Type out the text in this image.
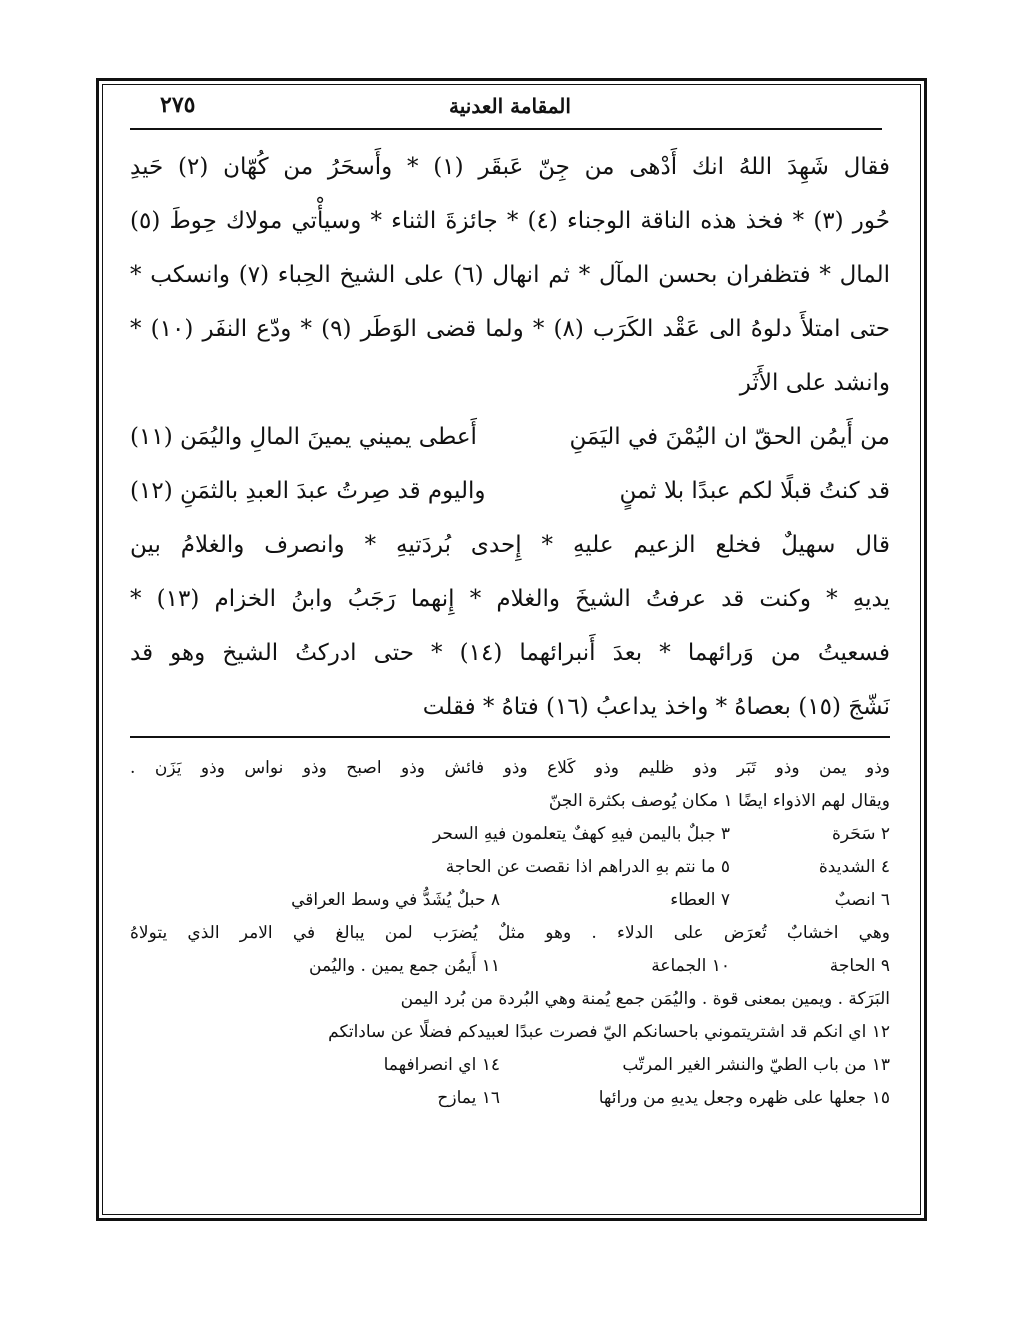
المقامة العدنية
٢٧٥
فقال شَهِدَ اللهُ انك أَدْهى من جِنّ عَبقَر (١) * وأَسحَرُ من كُهّان (٢) حَيدِ
حُور (٣) * فخذ هذه الناقة الوجناء (٤) * جائزةَ الثناء * وسيأْتي مولاك حِوطَ (٥)
المال * فتظفران بحسن المآل * ثم انهال (٦) على الشيخ الحِباء (٧) وانسكب *
حتى امتلأَ دلوهُ الى عَقْد الكَرَب (٨) * ولما قضى الوَطَر (٩) * ودّع النفَر (١٠) *
وانشد على الأَثَر
من أَيمُن الحقّ ان اليُمْنَ في اليَمَنِ
أَعطى يميني يمينَ المالِ واليُمَن (١١)
قد كنتُ قبلًا لكم عبدًا بلا ثمنٍ
واليوم قد صِرتُ عبدَ العبدِ بالثمَنِ (١٢)
قال سهيلٌ فخلع الزعيم عليهِ * إِحدى بُردَتيهِ * وانصرف والغلامُ بين
يديهِ * وكنت قد عرفتُ الشيخَ والغلام * إِنهما رَجَبُ وابنُ الخزام (١٣) *
فسعيتُ من وَرائهما * بعدَ أَنبرائهما (١٤) * حتى ادركتُ الشيخ وهو قد
نَشّجَ (١٥) بعصاهُ * واخذ يداعبُ (١٦) فتاهُ * فقلت
وذو يمن وذو تَبَر وذو ظليم وذو كَلاع وذو فائش وذو اصبح وذو نواس وذو يَزَن .
ويقال لهم الاذواء ايضًا ١ مكان يُوصف بكثرة الجنّ
٢ سَحَرة
٣ جبلٌ باليمن فيهِ كهفٌ يتعلمون فيهِ السحر
٤ الشديدة
٥ ما نتم بهِ الدراهم اذا نقصت عن الحاجة
٦ انصبٌ
٧ العطاء
٨ حبلٌ يُشَدُّ في وسط العراقي
وهي اخشابٌ تُعرَض على الدلاء . وهو مثلٌ يُضرَب لمن يبالغ في الامر الذي يتولاهُ
٩ الحاجة
١٠ الجماعة
١١ أَيمُن جمع يمين . واليُمن
البَرَكة . ويمين بمعنى قوة . واليُمَن جمع يُمنة وهي البُردة من بُرد اليمن
١٢ اي انكم قد اشتريتموني باحسانكم اليّ فصرت عبدًا لعبيدكم فضلًا عن ساداتكم
١٣ من باب الطيّ والنشر الغير المرتّب
١٤ اي انصرافهما
١٥ جعلها على ظهره وجعل يديهِ من ورائها
١٦ يمازح
